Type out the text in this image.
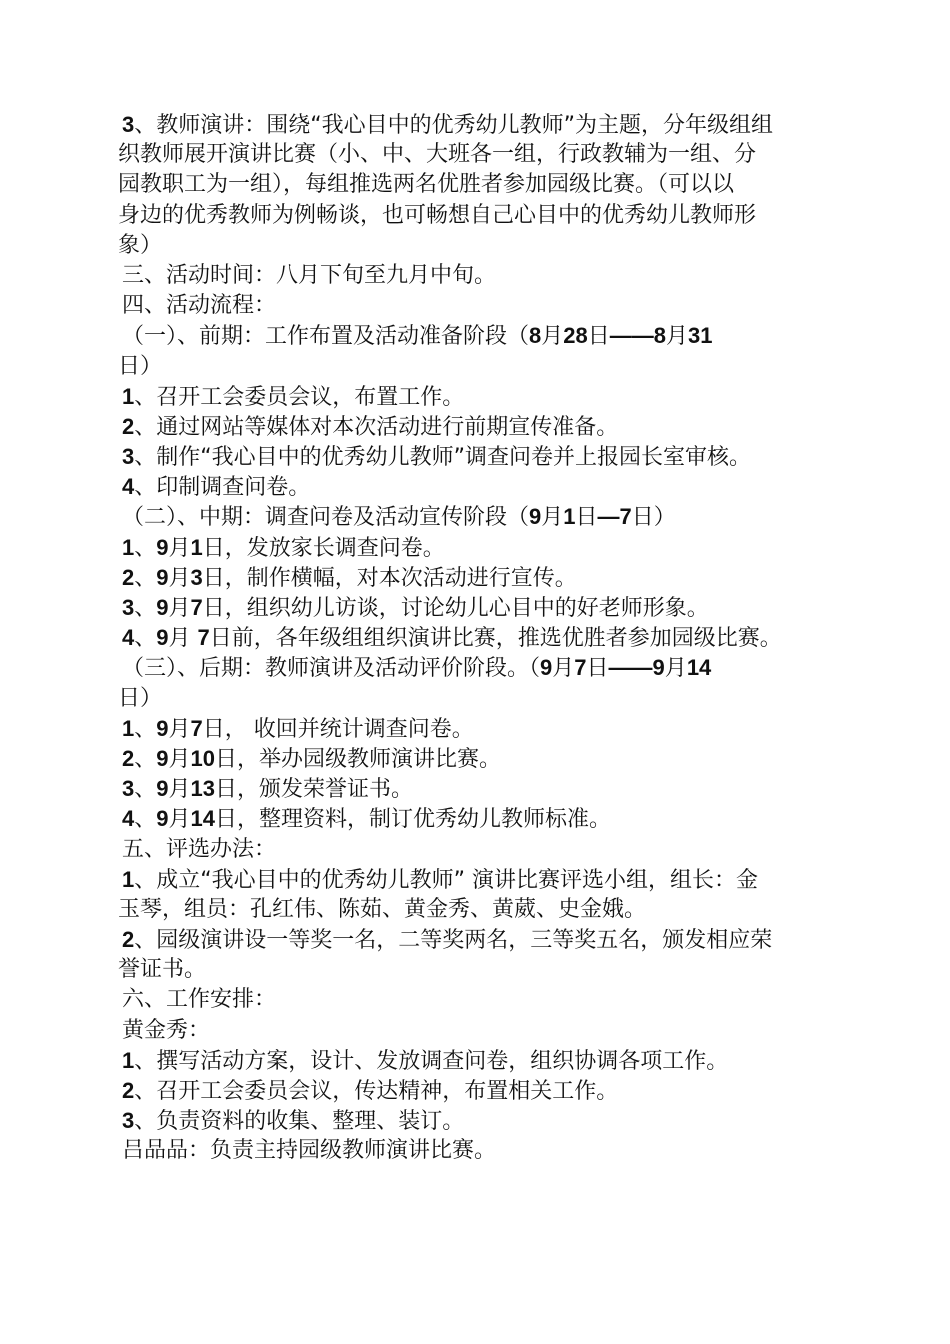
3、教师演讲：围绕“我心目中的优秀幼儿教师”为主题，分年级组组
织教师展开演讲比赛（小、中、大班各一组，行政教辅为一组、分
园教职工为一组），每组推选两名优胜者参加园级比赛。（可以以
身边的优秀教师为例畅谈，也可畅想自己心目中的优秀幼儿教师形
象）
三、活动时间：八月下旬至九月中旬。
四、活动流程：
（一）、前期：工作布置及活动准备阶段（8月28日——8月31
日）
1、召开工会委员会议，布置工作。
2、通过网站等媒体对本次活动进行前期宣传准备。
3、制作“我心目中的优秀幼儿教师”调查问卷并上报园长室审核。
4、印制调查问卷。
（二）、中期：调查问卷及活动宣传阶段（9月1日—7日）
1、9月1日，发放家长调查问卷。
2、9月3日，制作横幅，对本次活动进行宣传。
3、9月7日，组织幼儿访谈，讨论幼儿心目中的好老师形象。
4、9月 7日前，各年级组组织演讲比赛，推选优胜者参加园级比赛。
（三）、后期：教师演讲及活动评价阶段。（9月7日——9月14
日）
1、9月7日， 收回并统计调查问卷。
2、9月10日，举办园级教师演讲比赛。
3、9月13日，颁发荣誉证书。
4、9月14日，整理资料，制订优秀幼儿教师标准。
五、评选办法：
1、成立“我心目中的优秀幼儿教师” 演讲比赛评选小组，组长：金
玉琴，组员：孔红伟、陈茹、黄金秀、黄葳、史金娥。
2、园级演讲设一等奖一名，二等奖两名，三等奖五名，颁发相应荣
誉证书。
六、工作安排：
黄金秀：
1、撰写活动方案，设计、发放调查问卷，组织协调各项工作。
2、召开工会委员会议，传达精神，布置相关工作。
3、负责资料的收集、整理、装订。
吕品品：负责主持园级教师演讲比赛。
